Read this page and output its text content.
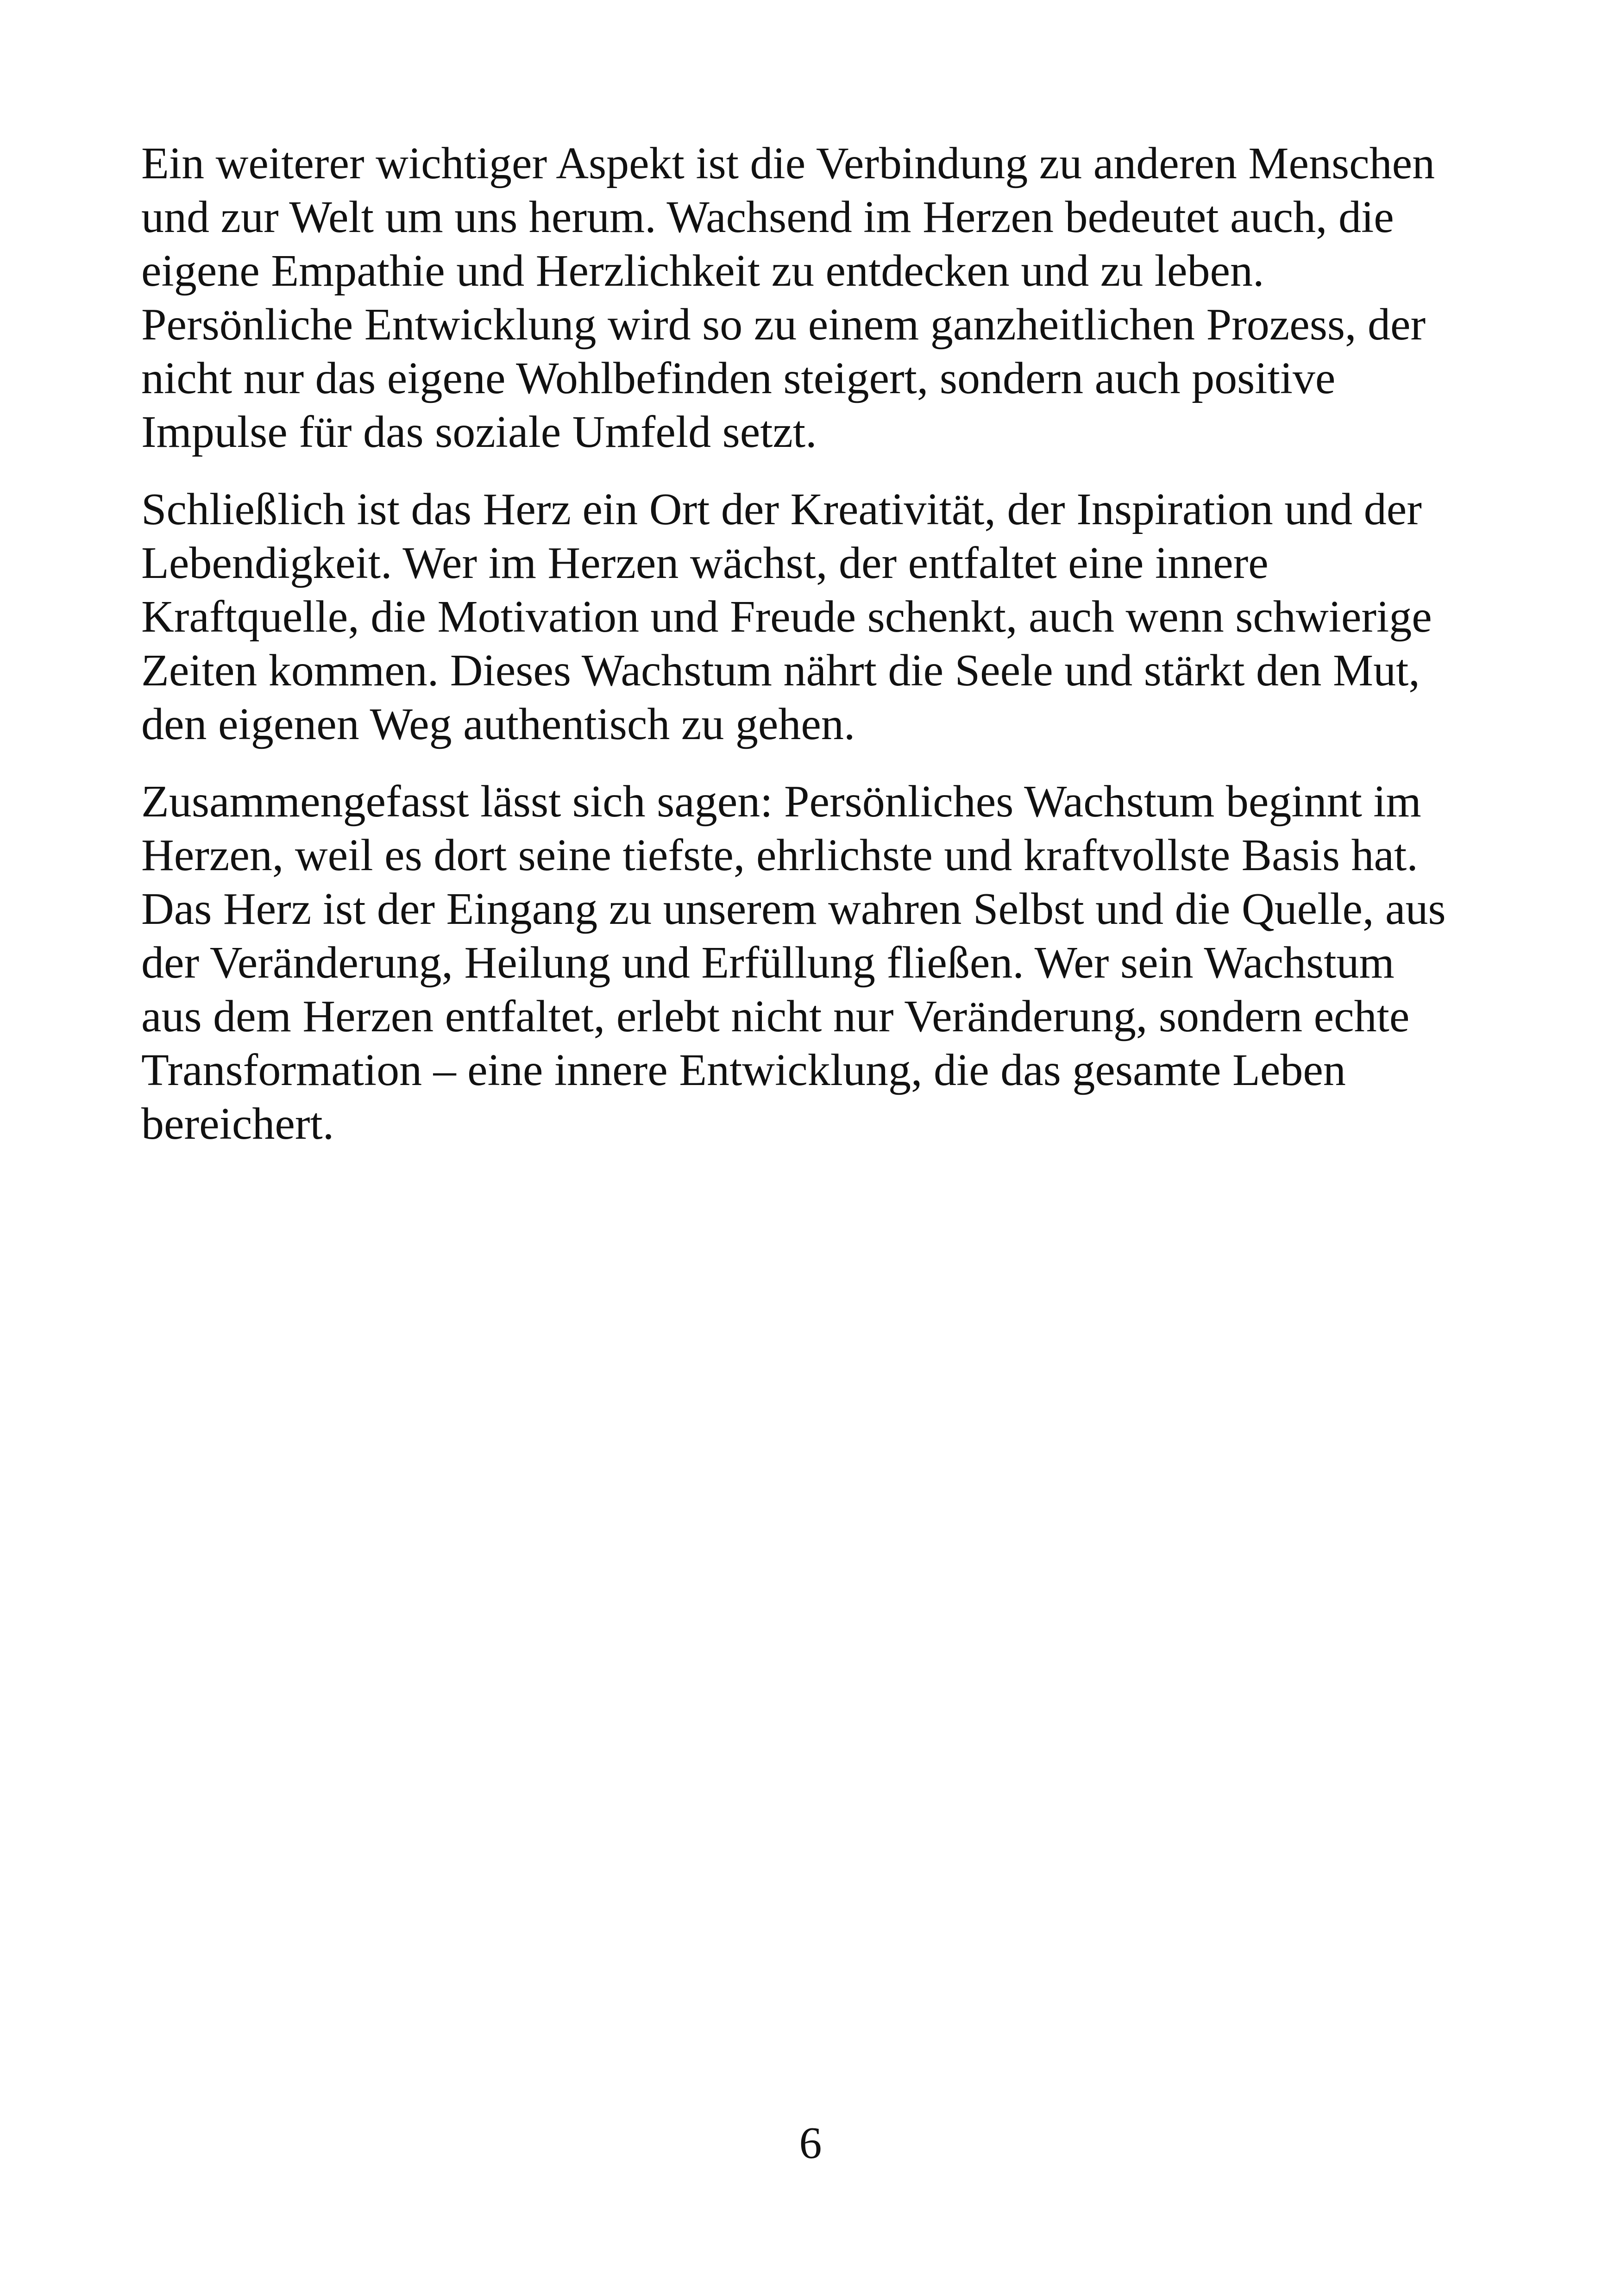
Ein weiterer wichtiger Aspekt ist die Verbindung zu anderen Menschen
und zur Welt um uns herum. Wachsend im Herzen bedeutet auch, die
eigene Empathie und Herzlichkeit zu entdecken und zu leben.
Persönliche Entwicklung wird so zu einem ganzheitlichen Prozess, der
nicht nur das eigene Wohlbefinden steigert, sondern auch positive
Impulse für das soziale Umfeld setzt.

Schließlich ist das Herz ein Ort der Kreativität, der Inspiration und der
Lebendigkeit. Wer im Herzen wächst, der entfaltet eine innere
Kraftquelle, die Motivation und Freude schenkt, auch wenn schwierige
Zeiten kommen. Dieses Wachstum nährt die Seele und stärkt den Mut,
den eigenen Weg authentisch zu gehen.

Zusammengefasst lässt sich sagen: Persönliches Wachstum beginnt im
Herzen, weil es dort seine tiefste, ehrlichste und kraftvollste Basis hat.
Das Herz ist der Eingang zu unserem wahren Selbst und die Quelle, aus
der Veränderung, Heilung und Erfüllung fließen. Wer sein Wachstum
aus dem Herzen entfaltet, erlebt nicht nur Veränderung, sondern echte
Transformation – eine innere Entwicklung, die das gesamte Leben
bereichert.

6
